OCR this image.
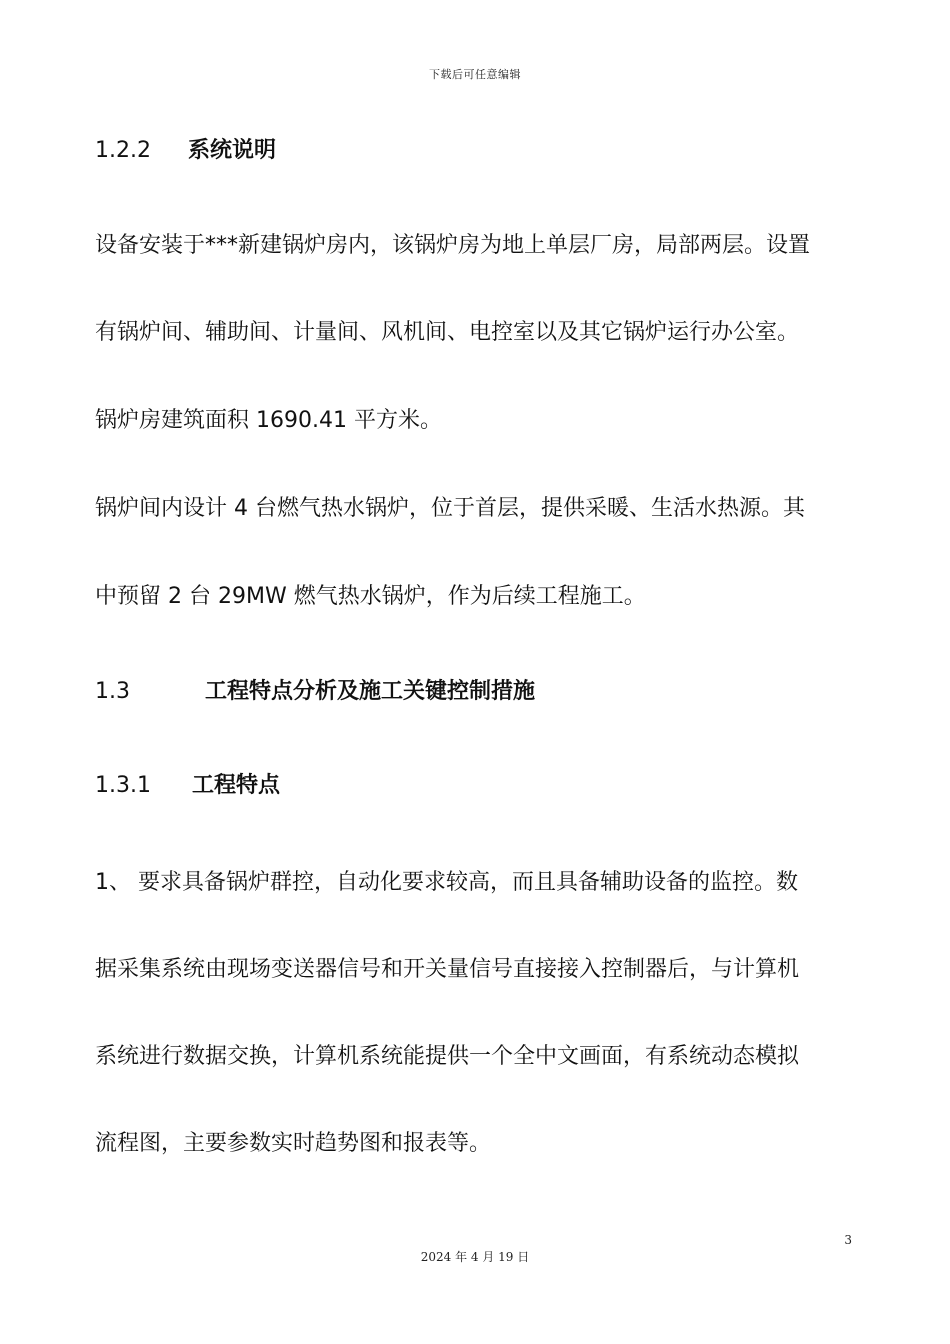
下载后可任意编辑
1.2.2 系统说明
设备安装于***新建锅炉房内，该锅炉房为地上单层厂房，局部两层。设置
有锅炉间、辅助间、计量间、风机间、电控室以及其它锅炉运行办公室。
锅炉房建筑面积 1690.41 平方米。
锅炉间内设计 4 台燃气热水锅炉，位于首层，提供采暖、生活水热源。其
中预留 2 台 29MW 燃气热水锅炉，作为后续工程施工。
1.3	工程特点分析及施工关键控制措施
1.3.1 工程特点
1、 要求具备锅炉群控，自动化要求较高，而且具备辅助设备的监控。数
据采集系统由现场变送器信号和开关量信号直接接入控制器后，与计算机
系统进行数据交换，计算机系统能提供一个全中文画面，有系统动态模拟
流程图，主要参数实时趋势图和报表等。
3
2024 年 4 月 19 日
